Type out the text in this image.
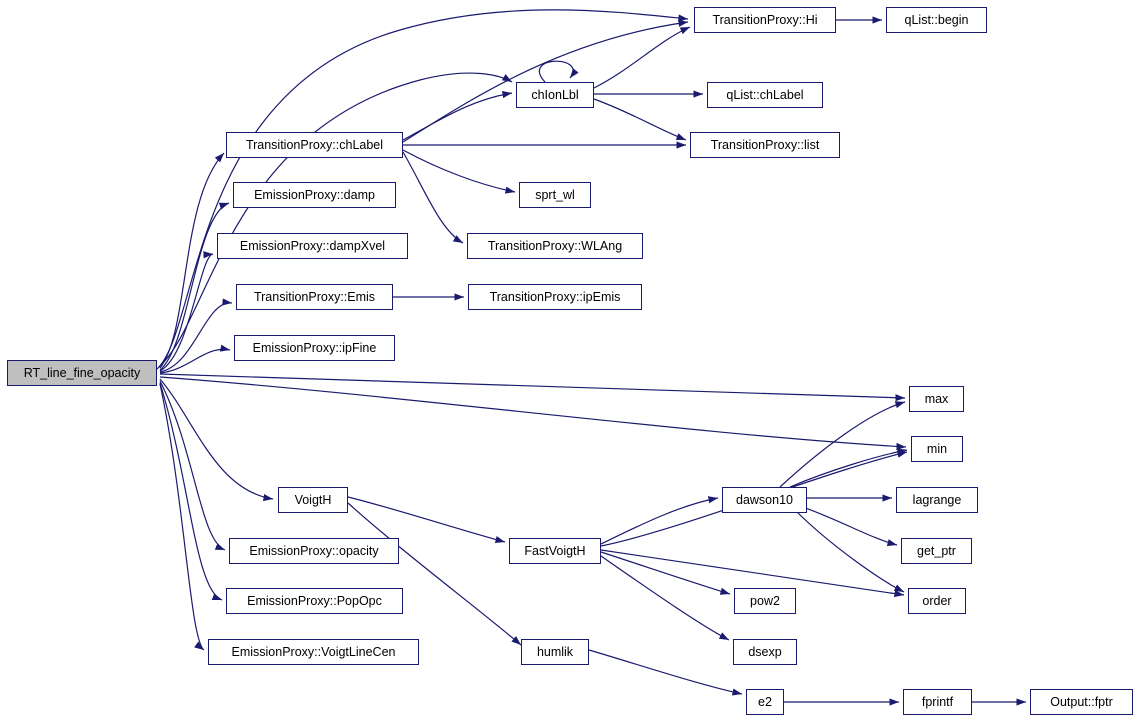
RT_line_fine_opacity
TransitionProxy::chLabel
EmissionProxy::damp
EmissionProxy::dampXvel
TransitionProxy::Emis
EmissionProxy::ipFine
VoigtH
EmissionProxy::opacity
EmissionProxy::PopOpc
EmissionProxy::VoigtLineCen
chIonLbl
sprt_wl
TransitionProxy::WLAng
TransitionProxy::ipEmis
FastVoigtH
humlik
TransitionProxy::Hi
qList::chLabel
TransitionProxy::list
dawson10
pow2
dsexp
e2
qList::begin
max
min
lagrange
get_ptr
order
fprintf	Output::fptr
